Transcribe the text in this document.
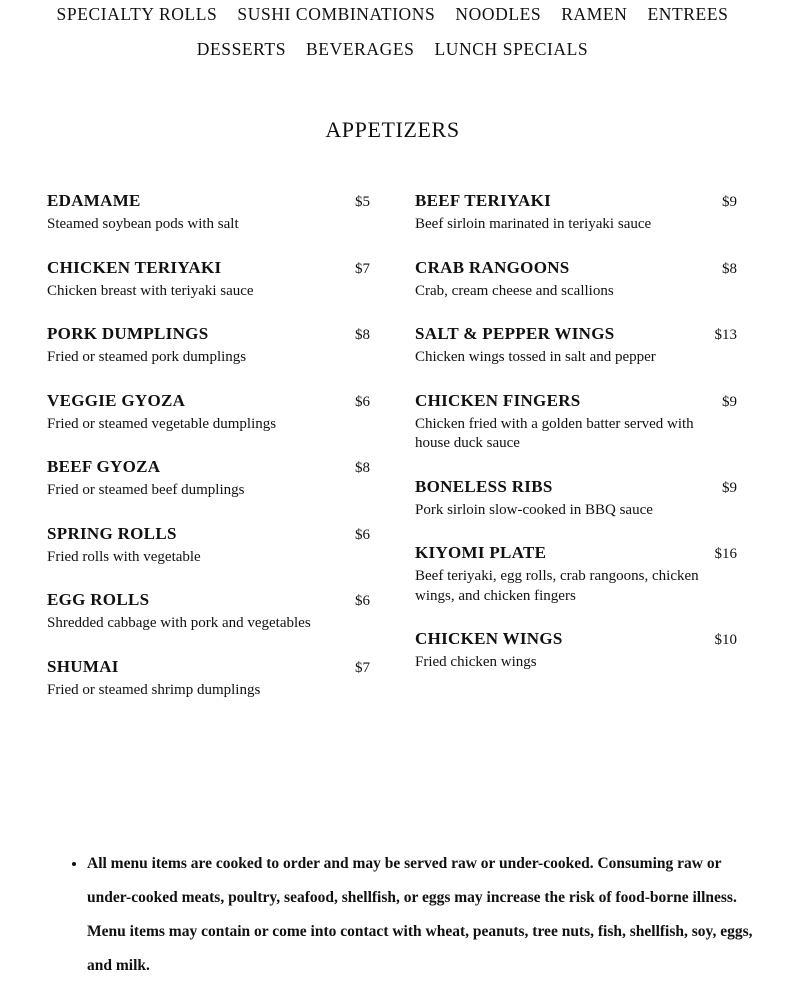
SPECIALTY ROLLS SUSHI COMBINATIONS NOODLES RAMEN ENTREES
DESSERTS BEVERAGES LUNCH SPECIALS
APPETIZERS
EDAMAME	$5
Steamed soybean pods with salt
CHICKEN TERIYAKI	$7
Chicken breast with teriyaki sauce
PORK DUMPLINGS	$8
Fried or steamed pork dumplings
VEGGIE GYOZA	$6
Fried or steamed vegetable dumplings
BEEF GYOZA	$8
Fried or steamed beef dumplings
SPRING ROLLS	$6
Fried rolls with vegetable
EGG ROLLS	$6
Shredded cabbage with pork and vegetables
SHUMAI	$7
Fried or steamed shrimp dumplings
BEEF TERIYAKI	$9
Beef sirloin marinated in teriyaki sauce
CRAB RANGOONS	$8
Crab, cream cheese and scallions
SALT & PEPPER WINGS	$13
Chicken wings tossed in salt and pepper
CHICKEN FINGERS	$9
Chicken fried with a golden batter served with house duck sauce
BONELESS RIBS	$9
Pork sirloin slow-cooked in BBQ sauce
KIYOMI PLATE	$16
Beef teriyaki, egg rolls, crab rangoons, chicken wings, and chicken fingers
CHICKEN WINGS	$10
Fried chicken wings
• All menu items are cooked to order and may be served raw or under-cooked. Consuming raw or under-cooked meats, poultry, seafood, shellfish, or eggs may increase the risk of food-borne illness. Menu items may contain or come into contact with wheat, peanuts, tree nuts, fish, shellfish, soy, eggs, and milk.
